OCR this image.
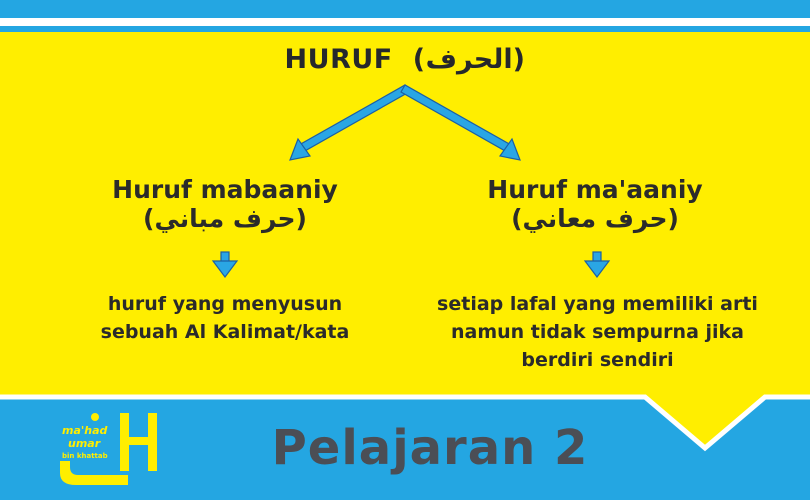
HURUF (الحرف)
Huruf mabaaniy
(حرف مباني)
Huruf ma'aaniy
(حرف معاني)
huruf yang menyusun
sebuah Al Kalimat/kata
setiap lafal yang memiliki arti
namun tidak sempurna jika
berdiri sendiri
ma'had
umar
bin khattab	Pelajaran 2
